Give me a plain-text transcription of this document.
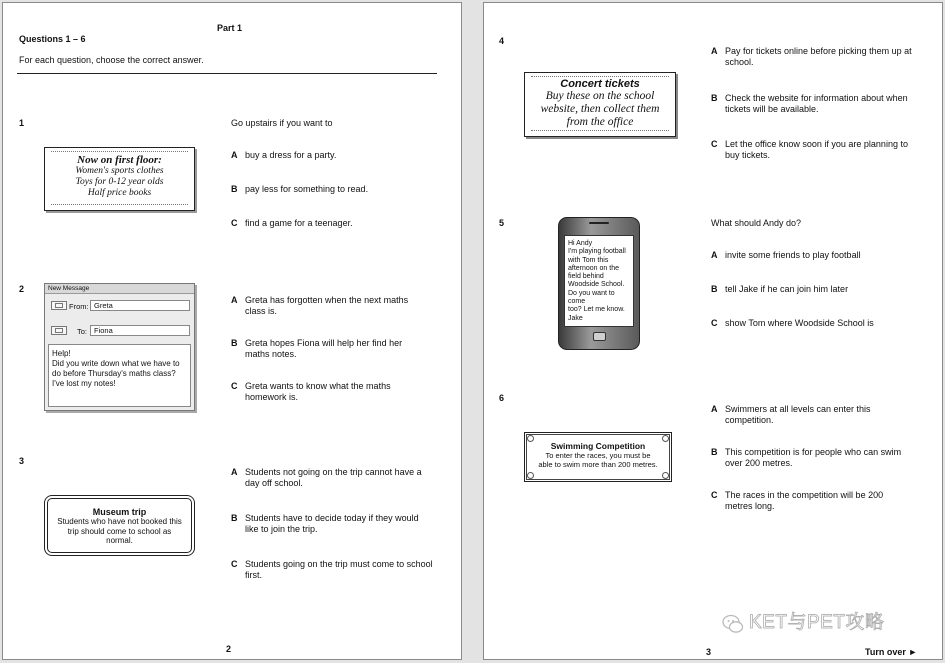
Part 1
Questions 1 – 6
For each question, choose the correct answer.
1	Go upstairs if you want to
Now on first floor:
Women's sports clothes
Toys for 0-12 year olds
Half price books
A buy a dress for a party.
B pay less for something to read.
C find a game for a teenager.
2	New Message
From: Greta
To: Fiona
Help!
Did you write down what we have to
do before Thursday's maths class?
I've lost my notes!
A Greta has forgotten when the next maths class is.
B Greta hopes Fiona will help her find her maths notes.
C Greta wants to know what the maths homework is.
3
Museum trip
Students who have not booked this
trip should come to school as
normal.
A Students not going on the trip cannot have a day off school.
B Students have to decide today if they would like to join the trip.
C Students going on the trip must come to school first.
2
4
Concert tickets
Buy these on the school
website, then collect them
from the office
A Pay for tickets online before picking them up at school.
B Check the website for information about when tickets will be available.
C Let the office know soon if you are planning to buy tickets.
5	What should Andy do?
Hi Andy
I'm playing football
with Tom this
afternoon on the
field behind
Woodside School.
Do you want to come
too? Let me know.
Jake
A invite some friends to play football
B tell Jake if he can join him later
C show Tom where Woodside School is
6
Swimming Competition
To enter the races, you must be
able to swim more than 200 metres.
A Swimmers at all levels can enter this competition.
B This competition is for people who can swim over 200 metres.
C The races in the competition will be 200 metres long.
KET与PET攻略
3	Turn over ►
